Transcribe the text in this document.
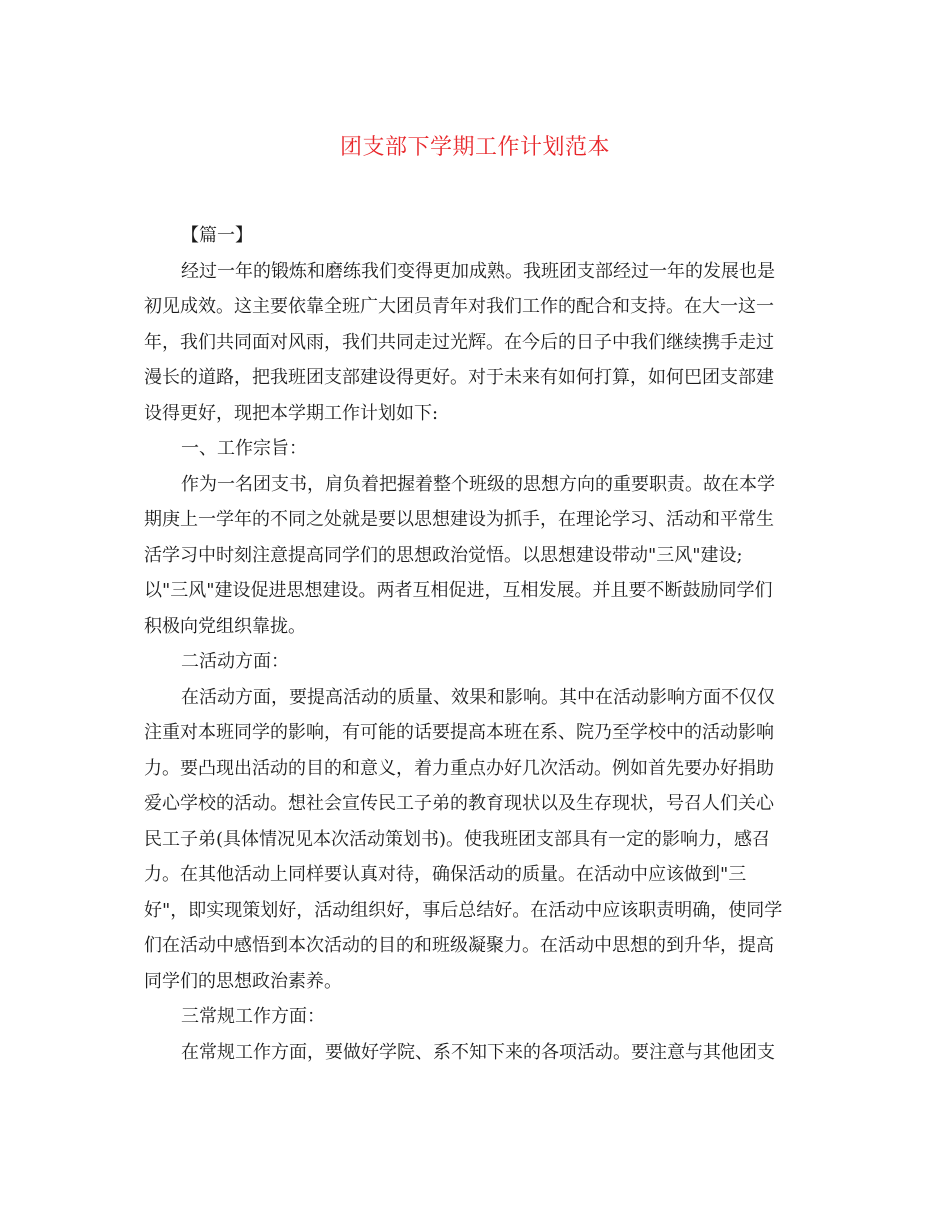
团支部下学期工作计划范本
【篇一】
经过一年的锻炼和磨练我们变得更加成熟。我班团支部经过一年的发展也是
初见成效。这主要依靠全班广大团员青年对我们工作的配合和支持。在大一这一
年，我们共同面对风雨，我们共同走过光辉。在今后的日子中我们继续携手走过
漫长的道路，把我班团支部建设得更好。对于未来有如何打算，如何巴团支部建
设得更好，现把本学期工作计划如下:
一、工作宗旨：
作为一名团支书，肩负着把握着整个班级的思想方向的重要职责。故在本学
期庚上一学年的不同之处就是要以思想建设为抓手，在理论学习、活动和平常生
活学习中时刻注意提高同学们的思想政治觉悟。以思想建设带动"三风"建设;
以"三风"建设促进思想建设。两者互相促进，互相发展。并且要不断鼓励同学们
积极向党组织靠拢。
二活动方面：
在活动方面，要提高活动的质量、效果和影响。其中在活动影响方面不仅仅
注重对本班同学的影响，有可能的话要提高本班在系、院乃至学校中的活动影响
力。要凸现出活动的目的和意义，着力重点办好几次活动。例如首先要办好捐助
爱心学校的活动。想社会宣传民工子弟的教育现状以及生存现状，号召人们关心
民工子弟(具体情况见本次活动策划书)。使我班团支部具有一定的影响力，感召
力。在其他活动上同样要认真对待，确保活动的质量。在活动中应该做到"三
好"，即实现策划好，活动组织好，事后总结好。在活动中应该职责明确，使同学
们在活动中感悟到本次活动的目的和班级凝聚力。在活动中思想的到升华，提高
同学们的思想政治素养。
三常规工作方面：
在常规工作方面，要做好学院、系不知下来的各项活动。要注意与其他团支
